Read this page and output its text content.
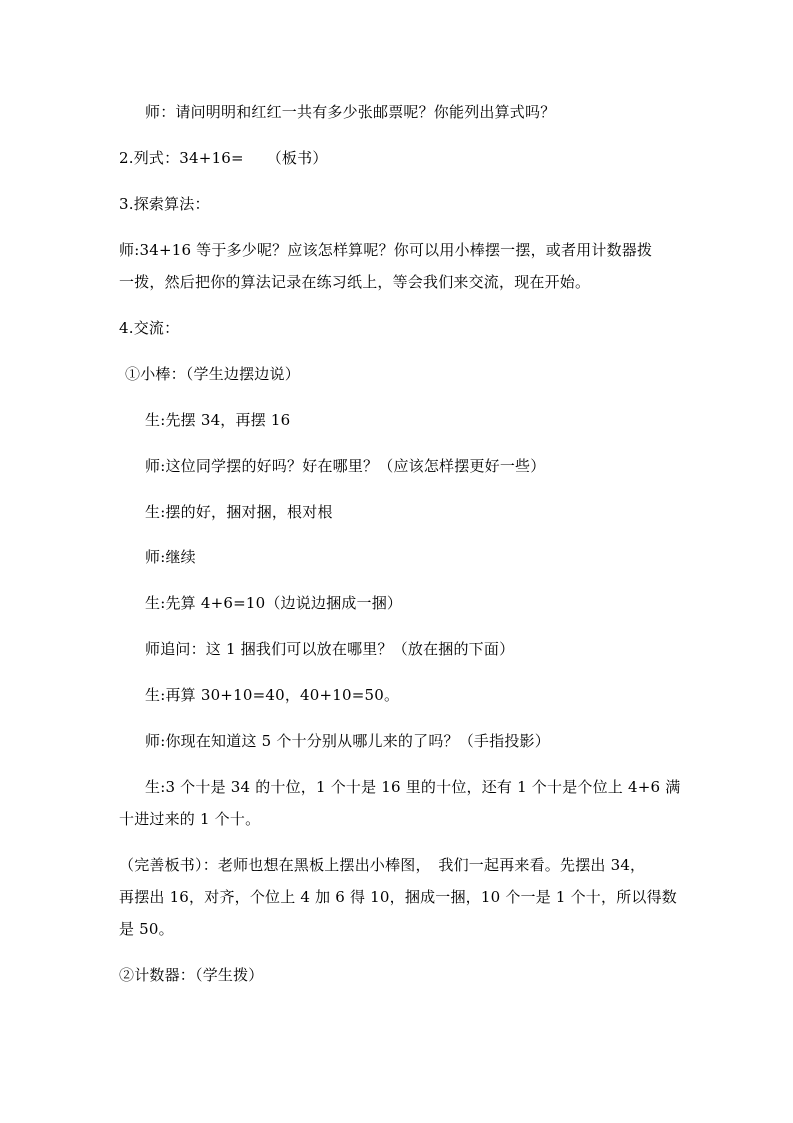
师：请问明明和红红一共有多少张邮票呢？你能列出算式吗？
2.列式：34+16=　　（板书）
3.探索算法：
师:34+16 等于多少呢？应该怎样算呢？你可以用小棒摆一摆，或者用计数器拨
一拨，然后把你的算法记录在练习纸上，等会我们来交流，现在开始。
4.交流：
①小棒：（学生边摆边说）
生:先摆 34，再摆 16
师:这位同学摆的好吗？好在哪里？（应该怎样摆更好一些）
生:摆的好，捆对捆，根对根
师:继续
生:先算 4+6=10（边说边捆成一捆）
师追问：这 1 捆我们可以放在哪里？（放在捆的下面）
生:再算 30+10=40，40+10=50。
师:你现在知道这 5 个十分别从哪儿来的了吗？（手指投影）
生:3 个十是 34 的十位，1 个十是 16 里的十位，还有 1 个十是个位上 4+6 满
十进过来的 1 个十。
（完善板书）：老师也想在黑板上摆出小棒图，　我们一起再来看。先摆出 34，
再摆出 16，对齐，个位上 4 加 6 得 10，捆成一捆，10 个一是 1 个十，所以得数
是 50。
②计数器：（学生拨）
